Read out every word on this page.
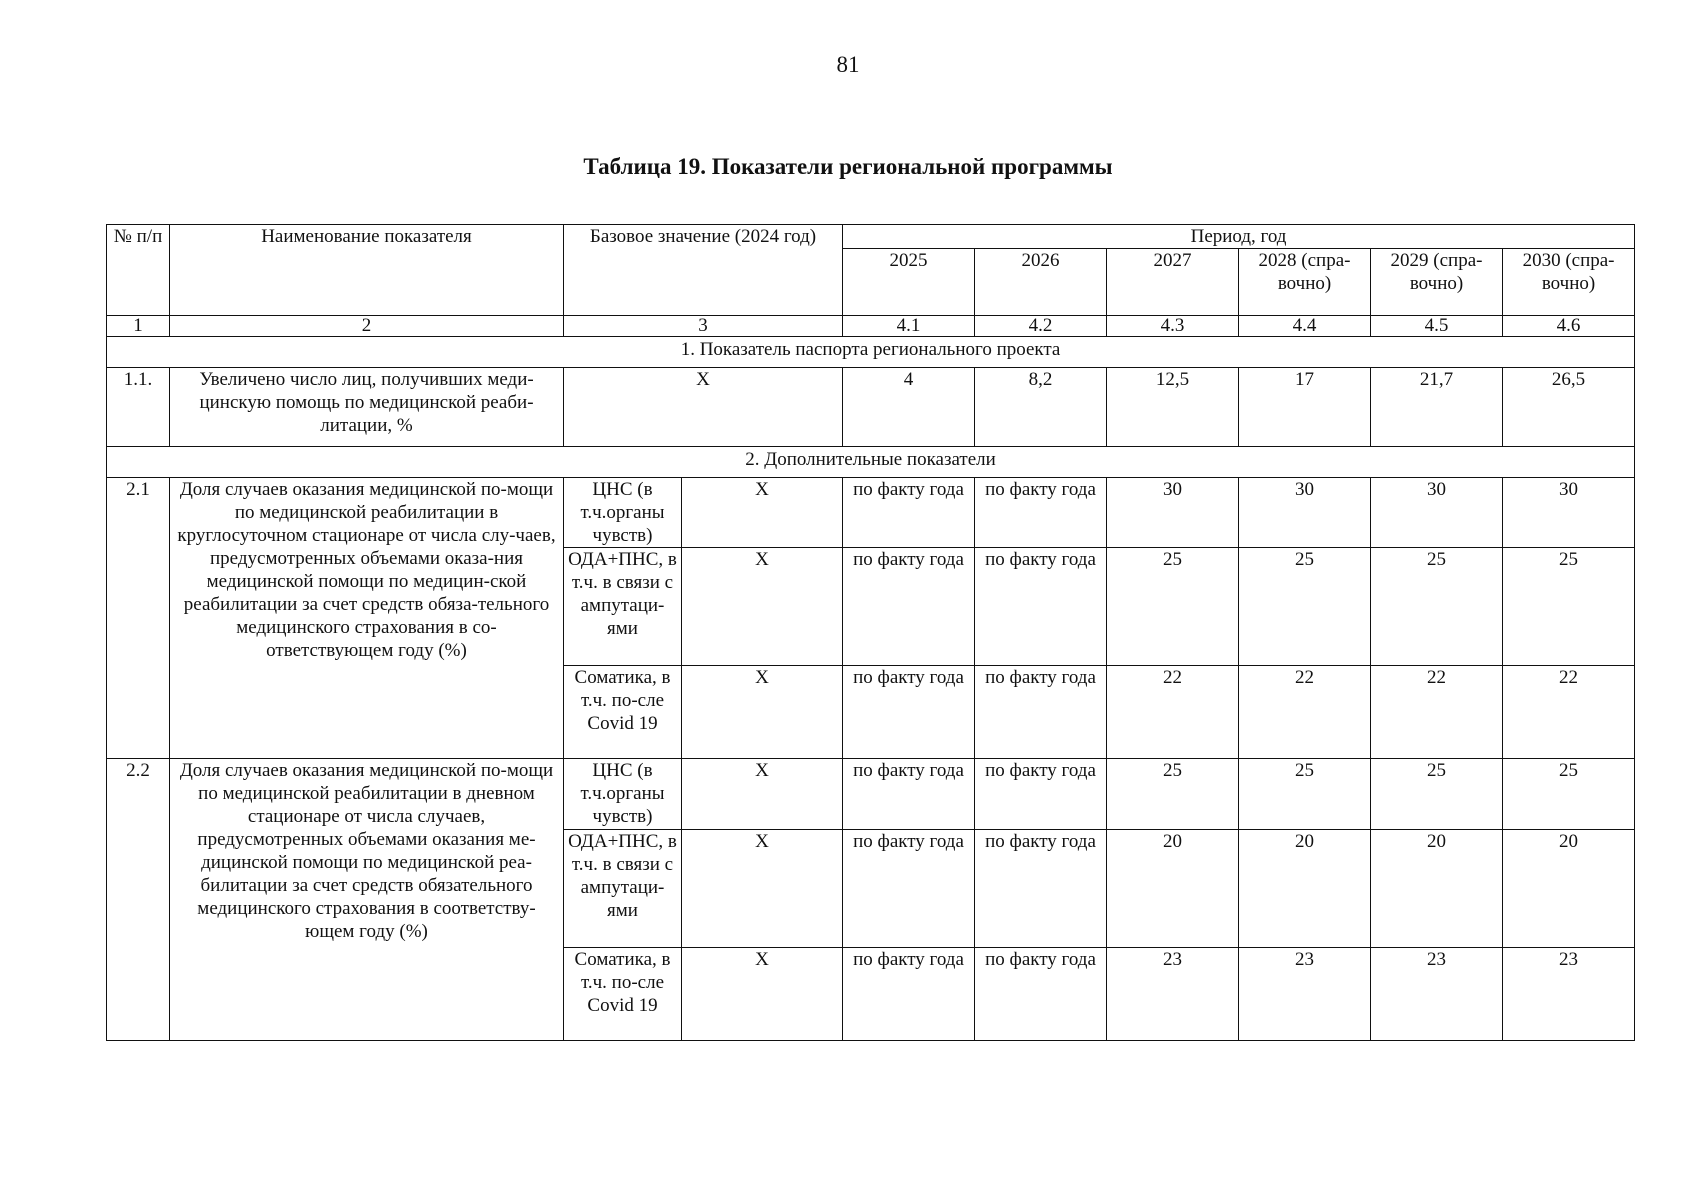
81
Таблица 19. Показатели региональной программы
№ п/п	Наименование показателя	Базовое значение (2024 год)		Период, год					
				2025	2026	2027	2028 (спра-вочно)	2029 (спра-вочно)	2030 (спра-вочно)
1	2	3		4.1	4.2	4.3	4.4	4.5	4.6
1. Показатель паспорта регионального проекта									
1.1.	Увеличено число лиц, получивших меди-цинскую помощь по медицинской реаби-литации, %	Х		4	8,2	12,5	17	21,7	26,5
2. Дополнительные показатели									
2.1	Доля случаев оказания медицинской по-мощи по медицинской реабилитации в круглосуточном стационаре от числа слу-чаев, предусмотренных объемами оказа-ния медицинской помощи по медицин-ской реабилитации за счет средств обяза-тельного медицинского страхования в со-ответствующем году (%)	ЦНС (в т.ч.органы чувств)	Х	по факту года	по факту года	30	30	30	30
		ОДА+ПНС, в т.ч. в связи с ампутаци-ями	Х	по факту года	по факту года	25	25	25	25
		Соматика, в т.ч. по-сле Covid 19	Х	по факту года	по факту года	22	22	22	22
2.2	Доля случаев оказания медицинской по-мощи по медицинской реабилитации в дневном стационаре от числа случаев, предусмотренных объемами оказания ме-дицинской помощи по медицинской реа-билитации за счет средств обязательного медицинского страхования в соответству-ющем году (%)	ЦНС (в т.ч.органы чувств)	Х	по факту года	по факту года	25	25	25	25
		ОДА+ПНС, в т.ч. в связи с ампутаци-ями	Х	по факту года	по факту года	20	20	20	20
		Соматика, в т.ч. по-сле Covid 19	Х	по факту года	по факту года	23	23	23	23
